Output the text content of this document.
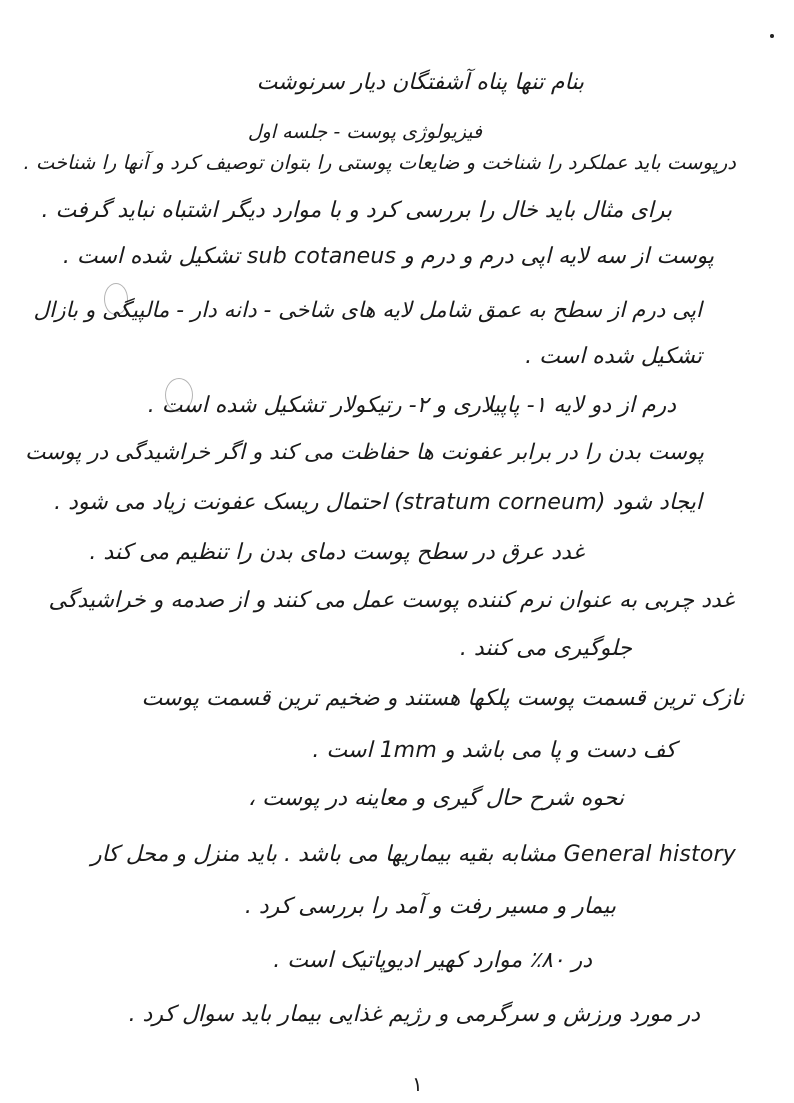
بنام تنها پناه آشفتگان دیار سرنوشت
فیزیولوژی پوست - جلسه اول
درپوست باید عملکرد را شناخت و ضایعات پوستی را بتوان توصیف کرد و آنها را شناخت .
برای مثال باید خال را بررسی کرد و با موارد دیگر اشتباه نباید گرفت .
پوست از سه لایه اپی درم و درم و sub cotaneus تشکیل شده است .
اپی درم از سطح به عمق شامل لایه های شاخی - دانه دار - مالپیگی و بازال
تشکیل شده است .
درم از دو لایه ۱- پاپیلاری و ۲- رتیکولار تشکیل شده است .
پوست بدن را در برابر عفونت ها حفاظت می کند و اگر خراشیدگی در پوست
ایجاد شود (stratum corneum) احتمال ریسک عفونت زیاد می شود .
غدد عرق در سطح پوست دمای بدن را تنظیم می کند .
غدد چربی به عنوان نرم کننده پوست عمل می کنند و از صدمه و خراشیدگی
جلوگیری می کنند .
نازک ترین قسمت پوست پلکها هستند و ضخیم ترین قسمت پوست
کف دست و پا می باشد و 1mm است .
نحوه شرح حال گیری و معاینه در پوست ،
General history مشابه بقیه بیماریها می باشد . باید منزل و محل کار
بیمار و مسیر رفت و آمد را بررسی کرد .
در ۸۰٪ موارد کهیر ادیوپاتیک است .
در مورد ورزش و سرگرمی و رژیم غذایی بیمار باید سوال کرد .
۱
